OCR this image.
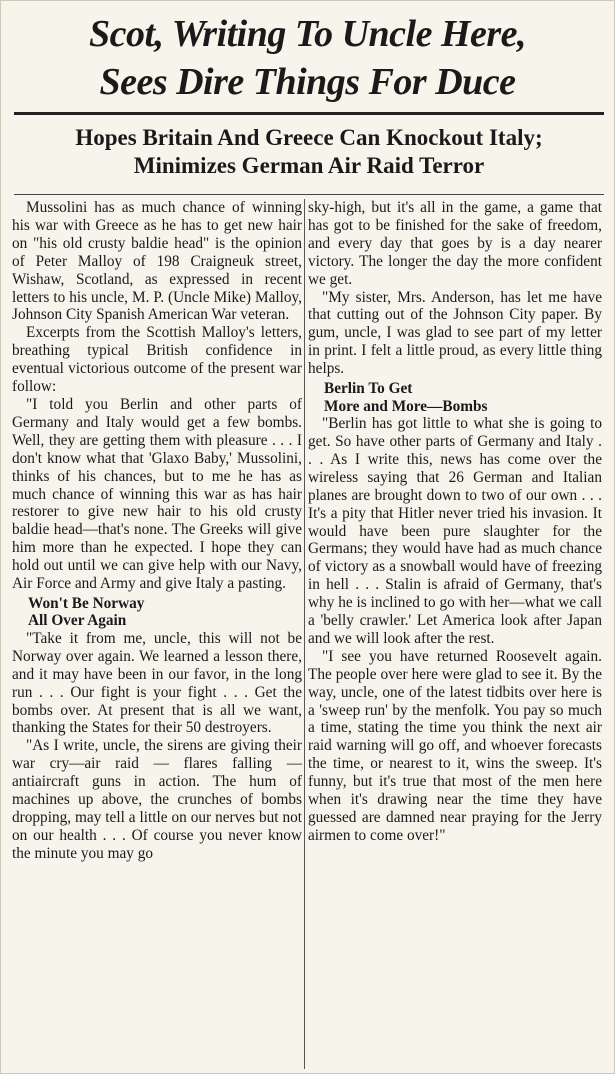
Scot, Writing To Uncle Here,
Sees Dire Things For Duce
Hopes Britain And Greece Can Knockout Italy;
Minimizes German Air Raid Terror

Mussolini has as much chance of winning his war with Greece as he has to get new hair on "his old crusty baldie head" is the opinion of Peter Malloy of 198 Craigneuk street, Wishaw, Scotland, as expressed in recent letters to his uncle, M. P. (Uncle Mike) Malloy, Johnson City Spanish American War veteran.

Excerpts from the Scottish Malloy's letters, breathing typical British confidence in eventual victorious outcome of the present war follow:

"I told you Berlin and other parts of Germany and Italy would get a few bombs. Well, they are getting them with pleasure . . . I don't know what that 'Glaxo Baby,' Mussolini, thinks of his chances, but to me he has as much chance of winning this war as has hair restorer to give new hair to his old crusty baldie head—that's none. The Greeks will give him more than he expected. I hope they can hold out until we can give help with our Navy, Air Force and Army and give Italy a pasting.

Won't Be Norway
All Over Again

"Take it from me, uncle, this will not be Norway over again. We learned a lesson there, and it may have been in our favor, in the long run . . . Our fight is your fight . . . Get the bombs over. At present that is all we want, thanking the States for their 50 destroyers.

"As I write, uncle, the sirens are giving their war cry—air raid — flares falling — antiaircraft guns in action. The hum of machines up above, the crunches of bombs dropping, may tell a little on our nerves but not on our health . . . Of course you never know the minute you may go

sky-high, but it's all in the game, a game that has got to be finished for the sake of freedom, and every day that goes by is a day nearer victory. The longer the day the more confident we get.

"My sister, Mrs. Anderson, has let me have that cutting out of the Johnson City paper. By gum, uncle, I was glad to see part of my letter in print. I felt a little proud, as every little thing helps.

Berlin To Get
More and More—Bombs

"Berlin has got little to what she is going to get. So have other parts of Germany and Italy . . . As I write this, news has come over the wireless saying that 26 German and Italian planes are brought down to two of our own . . . It's a pity that Hitler never tried his invasion. It would have been pure slaughter for the Germans; they would have had as much chance of victory as a snowball would have of freezing in hell . . . Stalin is afraid of Germany, that's why he is inclined to go with her—what we call a 'belly crawler.' Let America look after Japan and we will look after the rest.

"I see you have returned Roosevelt again. The people over here were glad to see it. By the way, uncle, one of the latest tidbits over here is a 'sweep run' by the menfolk. You pay so much a time, stating the time you think the next air raid warning will go off, and whoever forecasts the time, or nearest to it, wins the sweep. It's funny, but it's true that most of the men here when it's drawing near the time they have guessed are damned near praying for the Jerry airmen to come over!"
